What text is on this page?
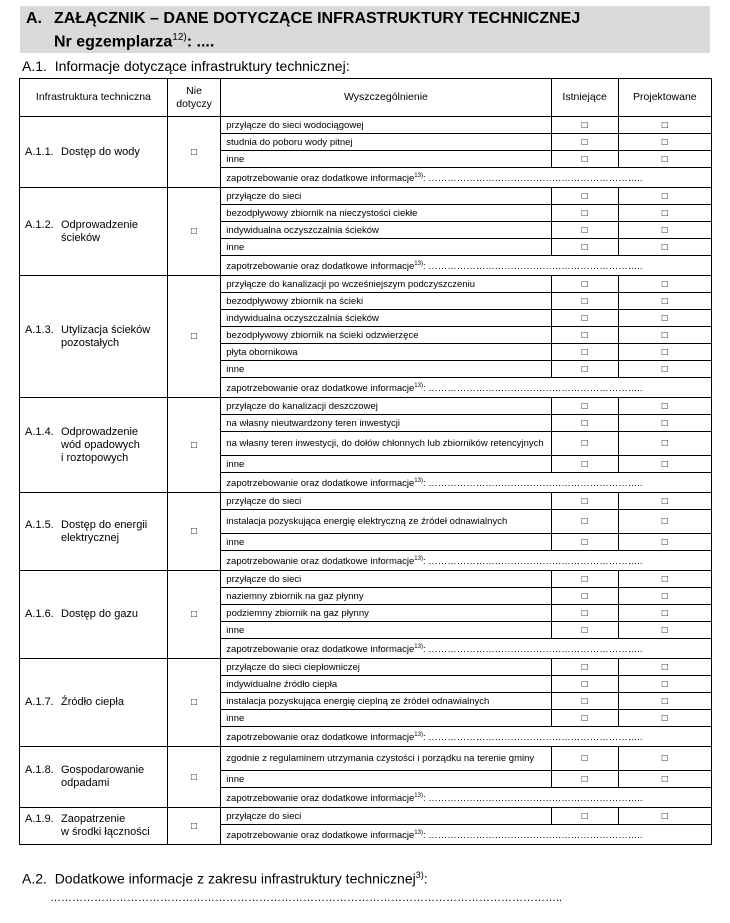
A. ZAŁĄCZNIK – DANE DOTYCZĄCE INFRASTRUKTURY TECHNICZNEJ
Nr egzemplarza$^{12)}$: ....
A.1. Informacje dotyczące infrastruktury technicznej:
Infrastruktura techniczna	Nie dotyczy	Wyszczególnienie	Istniejące	Projektowane
A.1.1. Dostęp do wody	□	przyłącze do sieci wodociągowej	□	□
		studnia do poboru wody pitnej	□	□
		inne	□	□
		zapotrzebowanie oraz dodatkowe informacje$^{13)}$: …………………………………………………………..		
A.1.2. Odprowadzenie
ścieków	□	przyłącze do sieci	□	□
		bezodpływowy zbiornik na nieczystości ciekłe	□	□
		indywidualna oczyszczalnia ścieków	□	□
		inne	□	□
		zapotrzebowanie oraz dodatkowe informacje$^{13)}$: …………………………………………………………..		
A.1.3. Utylizacja ścieków
pozostałych	□	przyłącze do kanalizacji po wcześniejszym podczyszczeniu	□	□
		bezodpływowy zbiornik na ścieki	□	□
		indywidualna oczyszczalnia ścieków	□	□
		bezodpływowy zbiornik na ścieki odzwierzęce	□	□
		płyta obornikowa	□	□
		inne	□	□
		zapotrzebowanie oraz dodatkowe informacje$^{13)}$: …………………………………………………………..		
A.1.4. Odprowadzenie
wód opadowych
i roztopowych	□	przyłącze do kanalizacji deszczowej	□	□
		na własny nieutwardzony teren inwestycji	□	□
		na własny teren inwestycji, do dołów chłonnych lub zbiorników retencyjnych	□	□
		inne	□	□
		zapotrzebowanie oraz dodatkowe informacje$^{13)}$: …………………………………………………………..		
A.1.5. Dostęp do energii
elektrycznej	□	przyłącze do sieci	□	□
		instalacja pozyskująca energię elektryczną ze źródeł odnawialnych	□	□
		inne	□	□
		zapotrzebowanie oraz dodatkowe informacje$^{13)}$: …………………………………………………………..		
A.1.6. Dostęp do gazu	□	przyłącze do sieci	□	□
		naziemny zbiornik na gaz płynny	□	□
		podziemny zbiornik na gaz płynny	□	□
		inne	□	□
		zapotrzebowanie oraz dodatkowe informacje$^{13)}$: …………………………………………………………..		
A.1.7. Źródło ciepła	□	przyłącze do sieci ciepłowniczej	□	□
		indywidualne źródło ciepła	□	□
		instalacja pozyskująca energię cieplną ze źródeł odnawialnych	□	□
		inne	□	□
		zapotrzebowanie oraz dodatkowe informacje$^{13)}$: …………………………………………………………..		
A.1.8. Gospodarowanie
odpadami	□	zgodnie z regulaminem utrzymania czystości i porządku na terenie gminy	□	□
		inne	□	□
		zapotrzebowanie oraz dodatkowe informacje$^{13)}$: …………………………………………………………..		
A.1.9. Zaopatrzenie
w środki łączności	□	przyłącze do sieci	□	□
		zapotrzebowanie oraz dodatkowe informacje$^{13)}$: …………………………………………………………..		
A.2. Dodatkowe informacje z zakresu infrastruktury technicznej$^{3)}$:
…………………………………………………………………………………………………………………………..
